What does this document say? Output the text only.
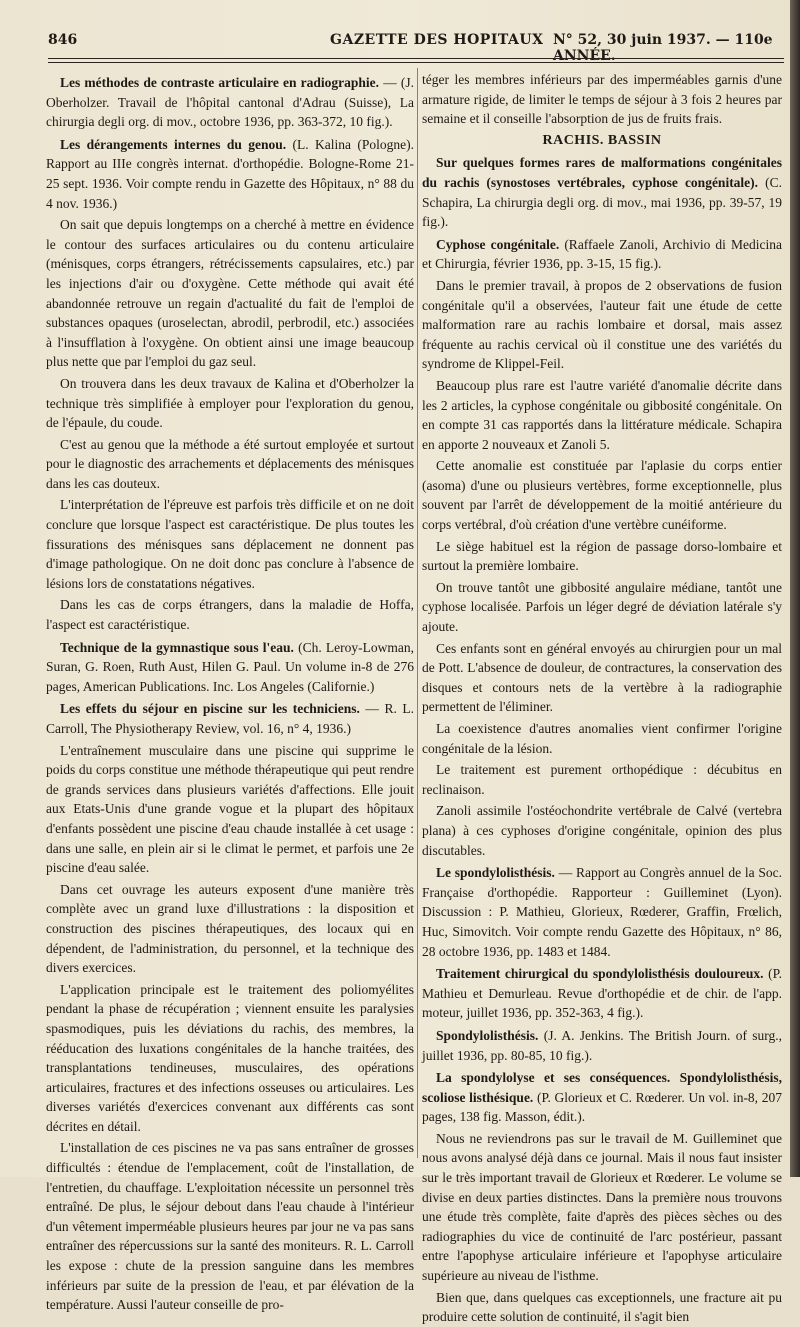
846	GAZETTE DES HOPITAUX N° 52, 30 juin 1937. — 110e ANNÉE.

Les méthodes de contraste articulaire en radiographie. — (J. Oberholzer. Travail de l'hôpital cantonal d'Adrau (Suisse), La chirurgia degli org. di mov., octobre 1936, pp. 363-372, 10 fig.).

Les dérangements internes du genou. (L. Kalina (Pologne). Rapport au IIIe congrès internat. d'orthopédie. Bologne-Rome 21-25 sept. 1936. Voir compte rendu in Gazette des Hôpitaux, n° 88 du 4 nov. 1936.)

On sait que depuis longtemps on a cherché à mettre en évidence le contour des surfaces articulaires ou du contenu articulaire (ménisques, corps étrangers, rétrécissements capsulaires, etc.) par les injections d'air ou d'oxygène. Cette méthode qui avait été abandonnée retrouve un regain d'actualité du fait de l'emploi de substances opaques (uroselectan, abrodil, perbrodil, etc.) associées à l'insufflation à l'oxygène. On obtient ainsi une image beaucoup plus nette que par l'emploi du gaz seul.

On trouvera dans les deux travaux de Kalina et d'Oberholzer la technique très simplifiée à employer pour l'exploration du genou, de l'épaule, du coude.

C'est au genou que la méthode a été surtout employée et surtout pour le diagnostic des arrachements et déplacements des ménisques dans les cas douteux.

L'interprétation de l'épreuve est parfois très difficile et on ne doit conclure que lorsque l'aspect est caractéristique. De plus toutes les fissurations des ménisques sans déplacement ne donnent pas d'image pathologique. On ne doit donc pas conclure à l'absence de lésions lors de constatations négatives.

Dans les cas de corps étrangers, dans la maladie de Hoffa, l'aspect est caractéristique.

Technique de la gymnastique sous l'eau. (Ch. Leroy-Lowman, Suran, G. Roen, Ruth Aust, Hilen G. Paul. Un volume in-8 de 276 pages, American Publications. Inc. Los Angeles (Californie.)

Les effets du séjour en piscine sur les techniciens. — R. L. Carroll, The Physiotherapy Review, vol. 16, n° 4, 1936.)

L'entraînement musculaire dans une piscine qui supprime le poids du corps constitue une méthode thérapeutique qui peut rendre de grands services dans plusieurs variétés d'affections. Elle jouit aux Etats-Unis d'une grande vogue et la plupart des hôpitaux d'enfants possèdent une piscine d'eau chaude installée à cet usage : dans une salle, en plein air si le climat le permet, et parfois une 2e piscine d'eau salée.

Dans cet ouvrage les auteurs exposent d'une manière très complète avec un grand luxe d'illustrations : la disposition et construction des piscines thérapeutiques, des locaux qui en dépendent, de l'administration, du personnel, et la technique des divers exercices.

L'application principale est le traitement des poliomyélites pendant la phase de récupération ; viennent ensuite les paralysies spasmodiques, puis les déviations du rachis, des membres, la rééducation des luxations congénitales de la hanche traitées, des transplantations tendineuses, musculaires, des opérations articulaires, fractures et des infections osseuses ou articulaires. Les diverses variétés d'exercices convenant aux différents cas sont décrites en détail.

L'installation de ces piscines ne va pas sans entraîner de grosses difficultés : étendue de l'emplacement, coût de l'installation, de l'entretien, du chauffage. L'exploitation nécessite un personnel très entraîné. De plus, le séjour debout dans l'eau chaude à l'intérieur d'un vêtement imperméable plusieurs heures par jour ne va pas sans entraîner des répercussions sur la santé des moniteurs. R. L. Carroll les expose : chute de la pression sanguine dans les membres inférieurs par suite de la pression de l'eau, et par élévation de la température. Aussi l'auteur conseille de pro-

téger les membres inférieurs par des imperméables garnis d'une armature rigide, de limiter le temps de séjour à 3 fois 2 heures par semaine et il conseille l'absorption de jus de fruits frais.

RACHIS. BASSIN

Sur quelques formes rares de malformations congénitales du rachis (synostoses vertébrales, cyphose congénitale). (C. Schapira, La chirurgia degli org. di mov., mai 1936, pp. 39-57, 19 fig.).

Cyphose congénitale. (Raffaele Zanoli, Archivio di Medicina et Chirurgia, février 1936, pp. 3-15, 15 fig.).

Dans le premier travail, à propos de 2 observations de fusion congénitale qu'il a observées, l'auteur fait une étude de cette malformation rare au rachis lombaire et dorsal, mais assez fréquente au rachis cervical où il constitue une des variétés du syndrome de Klippel-Feil.

Beaucoup plus rare est l'autre variété d'anomalie décrite dans les 2 articles, la cyphose congénitale ou gibbosité congénitale. On en compte 31 cas rapportés dans la littérature médicale. Schapira en apporte 2 nouveaux et Zanoli 5.

Cette anomalie est constituée par l'aplasie du corps entier (asoma) d'une ou plusieurs vertèbres, forme exceptionnelle, plus souvent par l'arrêt de développement de la moitié antérieure du corps vertébral, d'où création d'une vertèbre cunéiforme.

Le siège habituel est la région de passage dorso-lombaire et surtout la première lombaire.

On trouve tantôt une gibbosité angulaire médiane, tantôt une cyphose localisée. Parfois un léger degré de déviation latérale s'y ajoute.

Ces enfants sont en général envoyés au chirurgien pour un mal de Pott. L'absence de douleur, de contractures, la conservation des disques et contours nets de la vertèbre à la radiographie permettent de l'éliminer.

La coexistence d'autres anomalies vient confirmer l'origine congénitale de la lésion.

Le traitement est purement orthopédique : décubitus en reclinaison.

Zanoli assimile l'ostéochondrite vertébrale de Calvé (vertebra plana) à ces cyphoses d'origine congénitale, opinion des plus discutables.

Le spondylolisthésis. — Rapport au Congrès annuel de la Soc. Française d'orthopédie. Rapporteur : Guilleminet (Lyon). Discussion : P. Mathieu, Glorieux, Rœderer, Graffin, Frœlich, Huc, Simovitch. Voir compte rendu Gazette des Hôpitaux, n° 86, 28 octobre 1936, pp. 1483 et 1484.

Traitement chirurgical du spondylolisthésis douloureux. (P. Mathieu et Demurleau. Revue d'orthopédie et de chir. de l'app. moteur, juillet 1936, pp. 352-363, 4 fig.).

Spondylolisthésis. (J. A. Jenkins. The British Journ. of surg., juillet 1936, pp. 80-85, 10 fig.).

La spondylolyse et ses conséquences. Spondylolisthésis, scoliose listhésique. (P. Glorieux et C. Rœderer. Un vol. in-8, 207 pages, 138 fig. Masson, édit.).

Nous ne reviendrons pas sur le travail de M. Guilleminet que nous avons analysé déjà dans ce journal. Mais il nous faut insister sur le très important travail de Glorieux et Rœderer. Le volume se divise en deux parties distinctes. Dans la première nous trouvons une étude très complète, faite d'après des pièces sèches ou des radiographies du vice de continuité de l'arc postérieur, passant entre l'apophyse articulaire inférieure et l'apophyse articulaire supérieure au niveau de l'isthme.

Bien que, dans quelques cas exceptionnels, une fracture ait pu produire cette solution de continuité, il s'agit bien
